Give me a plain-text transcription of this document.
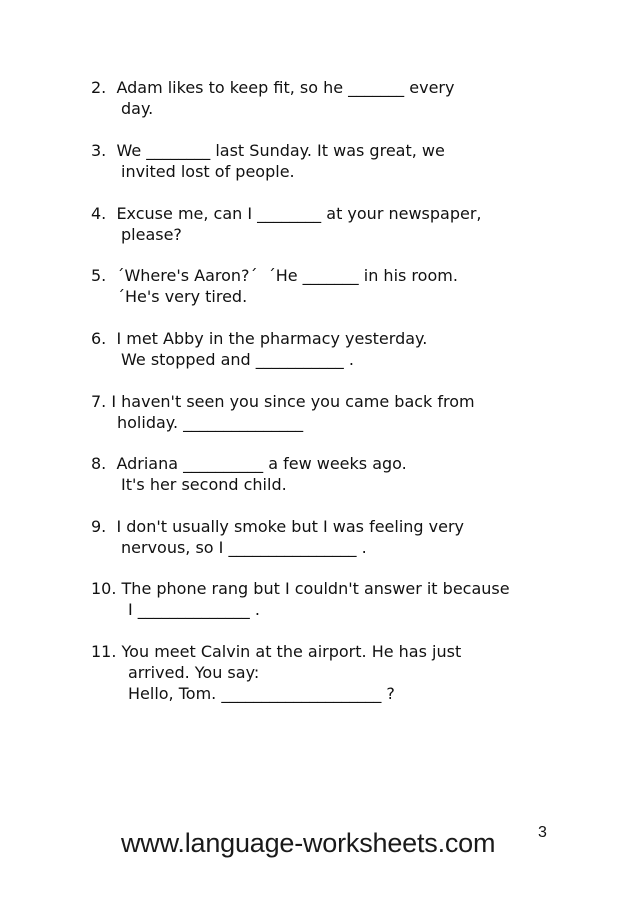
2.  Adam likes to keep fit, so he _______ every
day.
3.  We ________ last Sunday. It was great, we
invited lost of people.
4.  Excuse me, can I ________ at your newspaper,
please?
5.  ´Where's Aaron?´  ´He _______ in his room.
´He's very tired.
6.  I met Abby in the pharmacy yesterday.
We stopped and ___________ .
7. I haven't seen you since you came back from
holiday. _______________
8.  Adriana __________ a few weeks ago.
It's her second child.
9.  I don't usually smoke but I was feeling very
nervous, so I ________________ .
10. The phone rang but I couldn't answer it because
I ______________ .
11. You meet Calvin at the airport. He has just
arrived. You say:
Hello, Tom. ____________________ ?
www.language-worksheets.com	3
